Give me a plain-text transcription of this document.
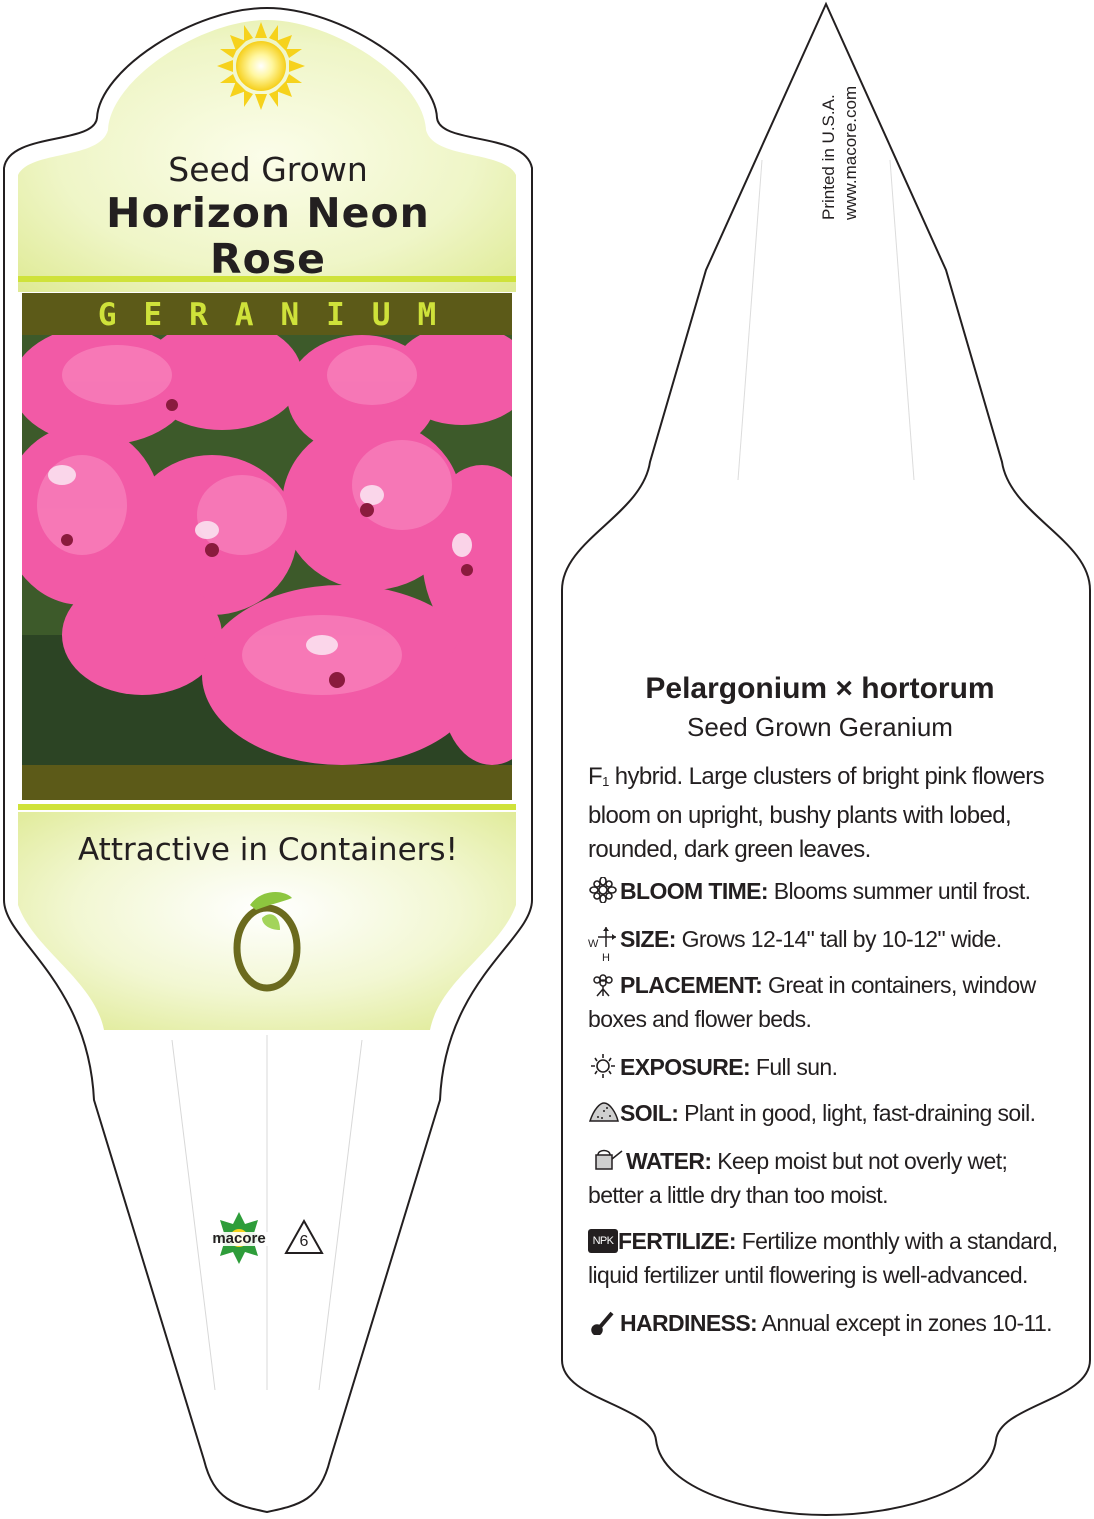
Seed Grown
Horizon Neon
Rose
GERANIUM
Attractive in Containers!
macore	6
Printed in U.S.A. www.macore.com
Pelargonium × hortorum
Seed Grown Geranium
F1 hybrid. Large clusters of bright pink flowers bloom on upright, bushy plants with lobed, rounded, dark green leaves.
BLOOM TIME: Blooms summer until frost.
W
H
SIZE: Grows 12-14" tall by 10-12" wide.
PLACEMENT: Great in containers, window boxes and flower beds.
EXPOSURE: Full sun.
SOIL: Plant in good, light, fast-draining soil.
WATER: Keep moist but not overly wet; better a little dry than too moist.
NPK FERTILIZE: Fertilize monthly with a standard, liquid fertilizer until flowering is well-advanced.
HARDINESS: Annual except in zones 10-11.
